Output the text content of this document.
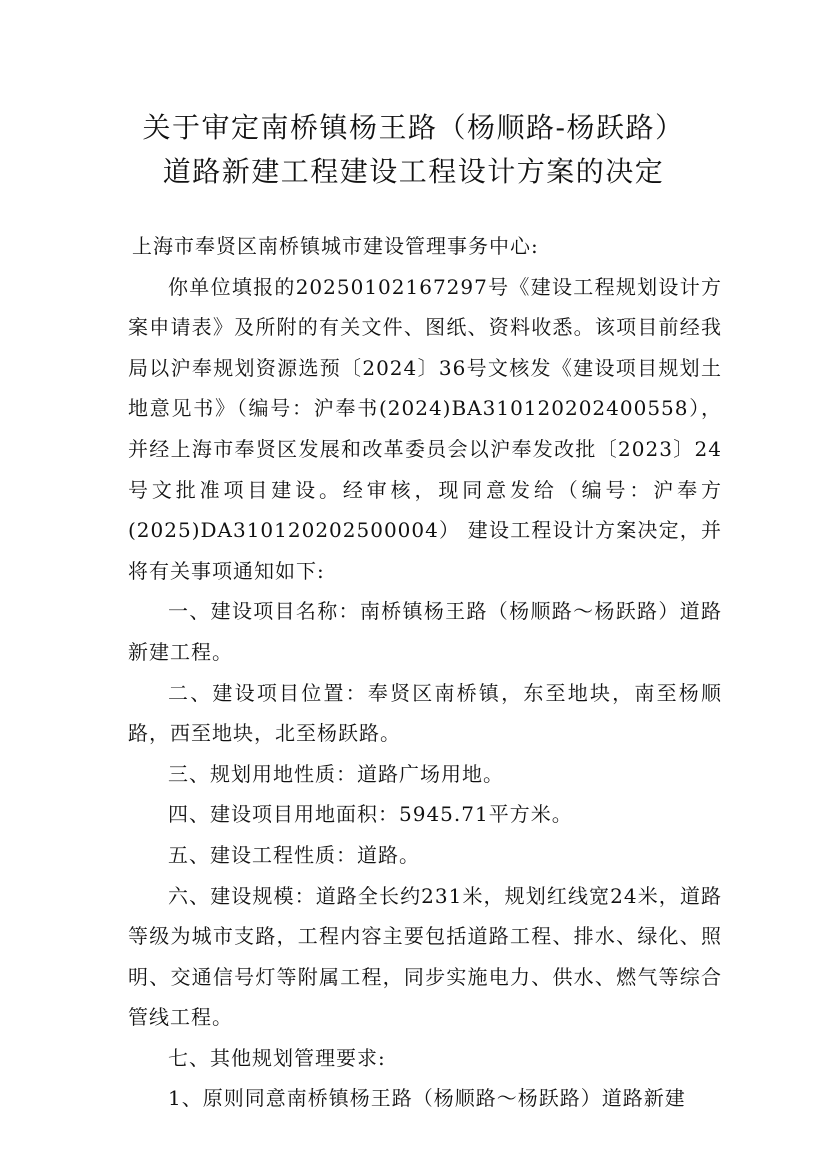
关于审定南桥镇杨王路（杨顺路-杨跃路）
道路新建工程建设工程设计方案的决定

上海市奉贤区南桥镇城市建设管理事务中心:

你单位填报的20250102167297号《建设工程规划设计方案申请表》及所附的有关文件、图纸、资料收悉。该项目前经我局以沪奉规划资源选预〔2024〕36号文核发《建设项目规划土地意见书》（编号：沪奉书(2024)BA310120202400558），并经上海市奉贤区发展和改革委员会以沪奉发改批〔2023〕24号文批准项目建设。经审核，现同意发给（编号：沪奉方

(2025)DA310120202500004） 建设工程设计方案决定，并将有关事项通知如下:

一、建设项目名称：南桥镇杨王路（杨顺路～杨跃路）道路新建工程。

二、建设项目位置：奉贤区南桥镇，东至地块，南至杨顺路，西至地块，北至杨跃路。

三、规划用地性质：道路广场用地。

四、建设项目用地面积：5945.71平方米。

五、建设工程性质：道路。

六、建设规模：道路全长约231米，规划红线宽24米，道路等级为城市支路，工程内容主要包括道路工程、排水、绿化、照明、交通信号灯等附属工程，同步实施电力、供水、燃气等综合管线工程。

七、其他规划管理要求:

1、原则同意南桥镇杨王路（杨顺路～杨跃路）道路新建
